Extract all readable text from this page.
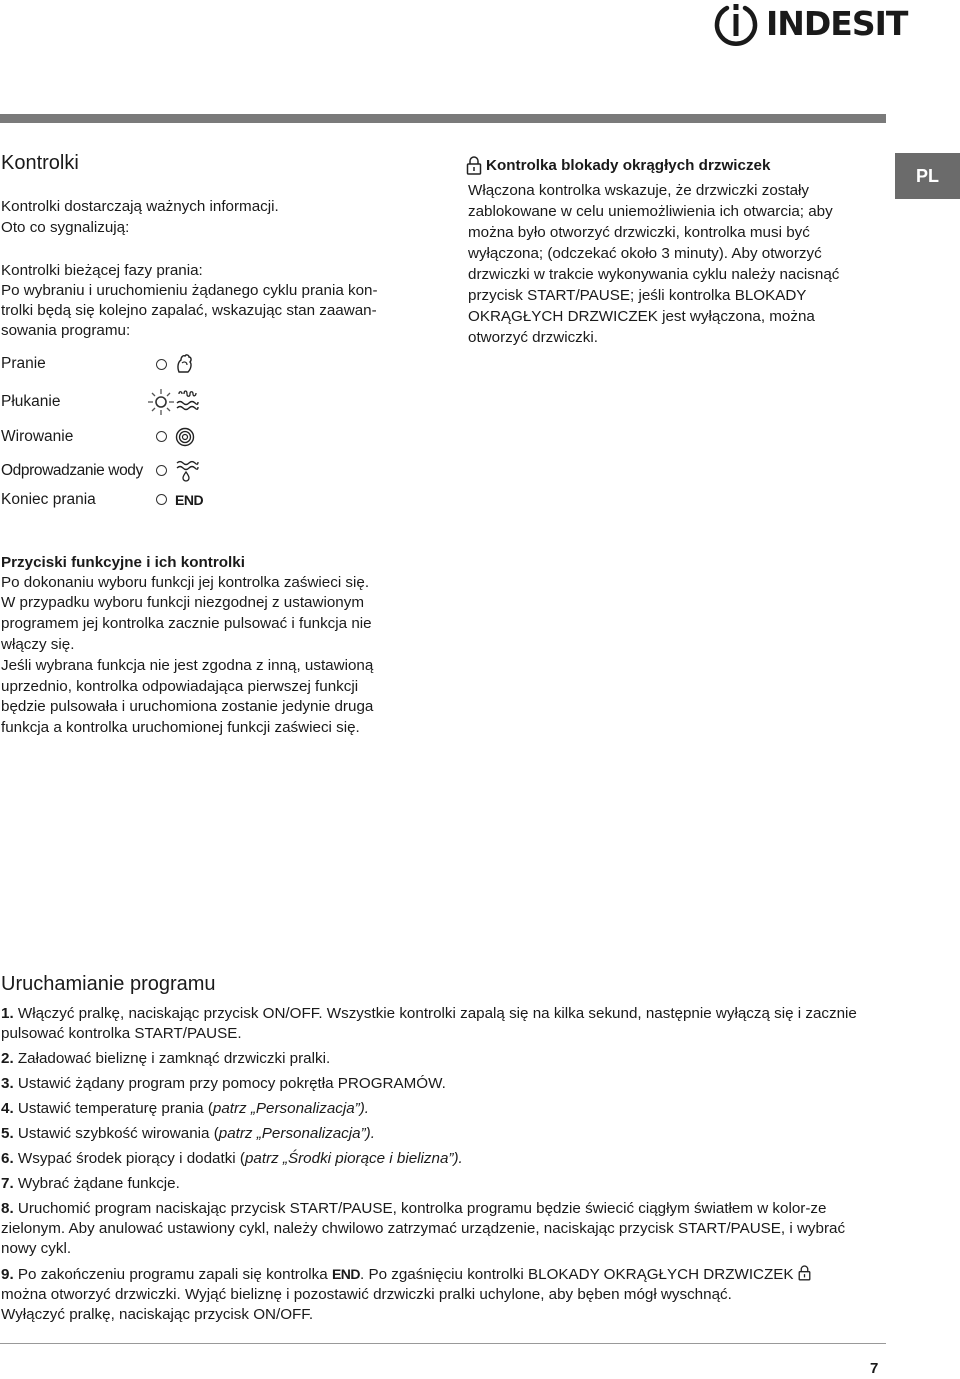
INDESIT
PL
Kontrolki

Kontrolki dostarczają ważnych informacji.

Oto co sygnalizują:

Kontrolki bieżącej fazy prania:

Po wybraniu i uruchomieniu żądanego cyklu prania kon-

trolki będą się kolejno zapalać, wskazując stan zaawan-

sowania programu:

Pranie
Płukanie
Wirowanie
Odprowadzanie wody
Koniec prania	END

Przyciski funkcyjne i ich kontrolki

Po dokonaniu wyboru funkcji jej kontrolka zaświeci się.

W przypadku wyboru funkcji niezgodnej z ustawionym

programem jej kontrolka zacznie pulsować i funkcja nie

włączy się.

Jeśli wybrana funkcja nie jest zgodna z inną, ustawioną

uprzednio, kontrolka odpowiadająca pierwszej funkcji

będzie pulsowała i uruchomiona zostanie jedynie druga

funkcja a kontrolka uruchomionej funkcji zaświeci się.

Kontrolka blokady okrągłych drzwiczek

Włączona kontrolka wskazuje, że drzwiczki zostały

zablokowane w celu uniemożliwienia ich otwarcia; aby

można było otworzyć drzwiczki, kontrolka musi być

wyłączona; (odczekać około 3 minuty). Aby otworzyć

drzwiczki w trakcie wykonywania cyklu należy nacisnąć

przycisk START/PAUSE; jeśli kontrolka BLOKADY

OKRĄGŁYCH DRZWICZEK jest wyłączona, można

otworzyć drzwiczki.

Uruchamianie programu

1. Włączyć pralkę, naciskając przycisk ON/OFF. Wszystkie kontrolki zapalą się na kilka sekund, następnie wyłączą się i zacznie pulsować kontrolka START/PAUSE.

2. Załadować bieliznę i zamknąć drzwiczki pralki.

3. Ustawić żądany program przy pomocy pokrętła PROGRAMÓW.

4. Ustawić temperaturę prania (patrz „Personalizacja”).

5. Ustawić szybkość wirowania (patrz „Personalizacja”).

6. Wsypać środek piorący i dodatki (patrz „Środki piorące i bielizna”).

7. Wybrać żądane funkcje.

8. Uruchomić program naciskając przycisk START/PAUSE, kontrolka programu będzie świecić ciągłym światłem w kolor-ze zielonym. Aby anulować ustawiony cykl, należy chwilowo zatrzymać urządzenie, naciskając przycisk START/PAUSE, i wybrać nowy cykl.

9. Po zakończeniu programu zapali się kontrolka END. Po zgaśnięciu kontrolki BLOKADY OKRĄGŁYCH DRZWICZEK
można otworzyć drzwiczki. Wyjąć bieliznę i pozostawić drzwiczki pralki uchylone, aby bęben mógł wyschnąć.
Wyłączyć pralkę, naciskając przycisk ON/OFF.

7
